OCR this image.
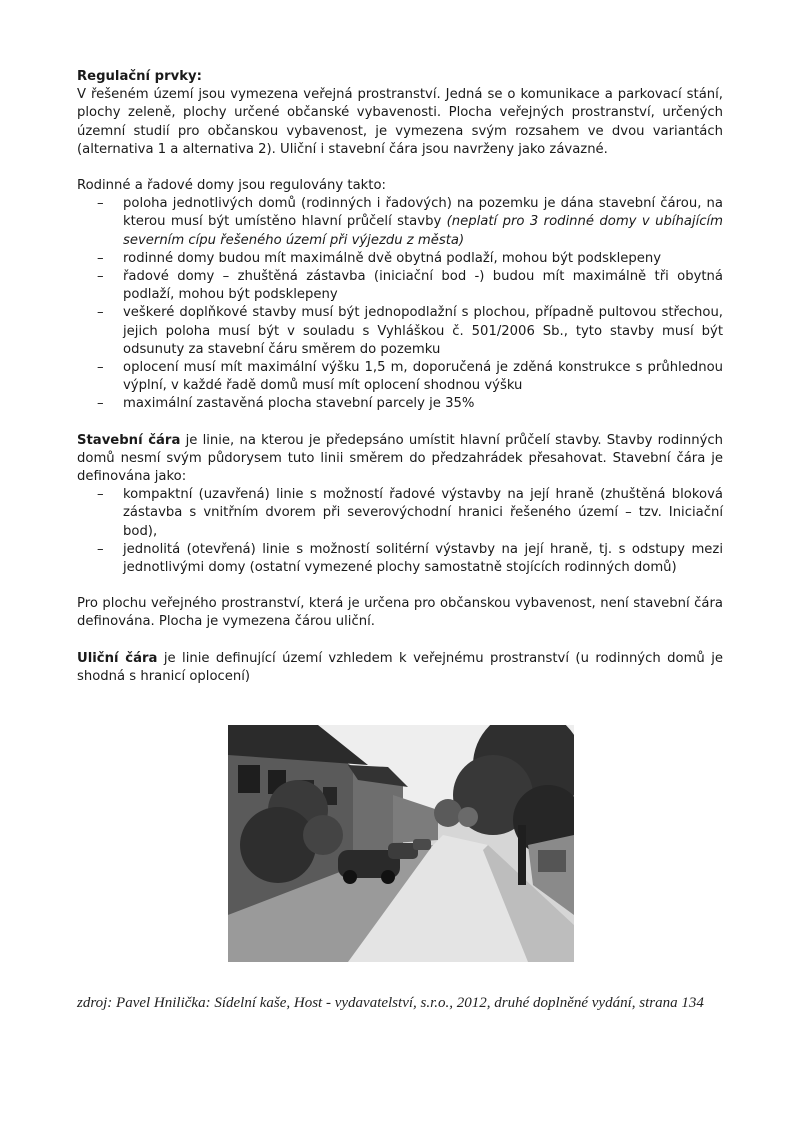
Regulační prvky:

V řešeném území jsou vymezena veřejná prostranství. Jedná se o komunikace a parkovací stání, plochy zeleně, plochy určené občanské vybavenosti. Plocha veřejných prostranství, určených územní studií pro občanskou vybavenost, je vymezena svým rozsahem ve dvou variantách (alternativa 1 a alternativa 2). Uliční i stavební čára jsou navrženy jako závazné.

Rodinné a řadové domy jsou regulovány takto:

– poloha jednotlivých domů (rodinných i řadových) na pozemku je dána stavební čárou, na kterou musí být umístěno hlavní průčelí stavby (neplatí pro 3 rodinné domy v ubíhajícím severním cípu řešeného území při výjezdu z města)
– rodinné domy budou mít maximálně dvě obytná podlaží, mohou být podsklepeny
– řadové domy – zhuštěná zástavba (iniciační bod -) budou mít maximálně tři obytná podlaží, mohou být podsklepeny
– veškeré doplňkové stavby musí být jednopodlažní s plochou, případně pultovou střechou, jejich poloha musí být v souladu s Vyhláškou č. 501/2006 Sb., tyto stavby musí být odsunuty za stavební čáru směrem do pozemku
– oplocení musí mít maximální výšku 1,5 m, doporučená je zděná konstrukce s průhlednou výplní, v každé řadě domů musí mít oplocení shodnou výšku
– maximální zastavěná plocha stavební parcely je 35%

Stavební čára je linie, na kterou je předepsáno umístit hlavní průčelí stavby. Stavby rodinných domů nesmí svým půdorysem tuto linii směrem do předzahrádek přesahovat. Stavební čára je definována jako:

– kompaktní (uzavřená) linie s možností řadové výstavby na její hraně (zhuštěná bloková zástavba s vnitřním dvorem při severovýchodní hranici řešeného území – tzv. Iniciační bod),
– jednolitá (otevřená) linie s možností solitérní výstavby na její hraně, tj. s odstupy mezi jednotlivými domy (ostatní vymezené plochy samostatně stojících rodinných domů)

Pro plochu veřejného prostranství, která je určena pro občanskou vybavenost, není stavební čára definována. Plocha je vymezena čárou uliční.

Uliční čára je linie definující území vzhledem k veřejnému prostranství (u rodinných domů je shodná s hranicí oplocení)

zdroj: Pavel Hnilička: Sídelní kaše, Host - vydavatelství, s.r.o., 2012, druhé doplněné vydání, strana 134
